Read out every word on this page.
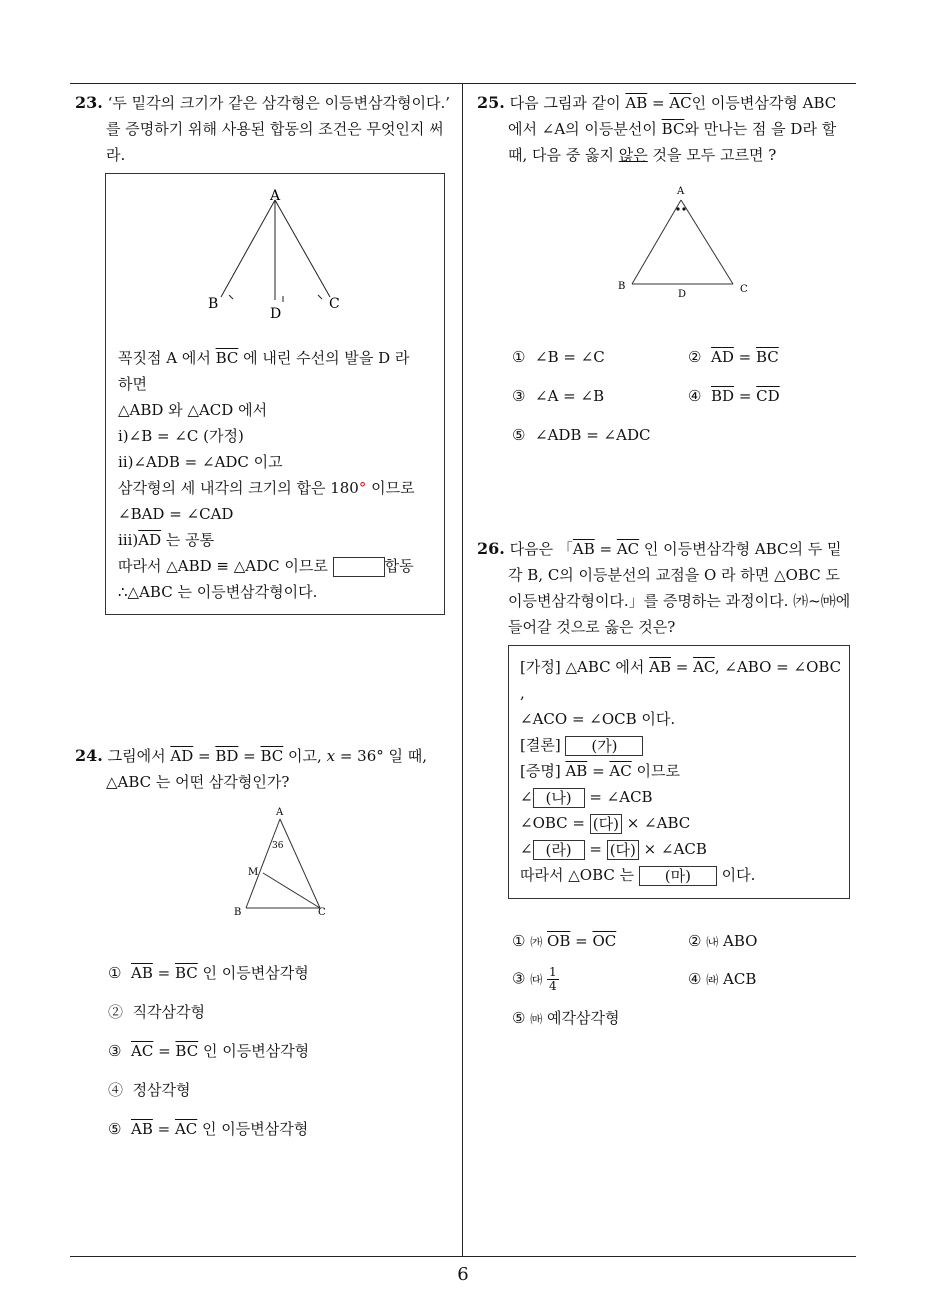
6
23. ‘두 밑각의 크기가 같은 삼각형은 이등변삼각형이다.’
를 증명하기 위해 사용된 합동의 조건은 무엇인지 써
라.
A
B	C
D
꼭짓점 A 에서 $\overline{BC}$ 에 내린 수선의 발을 D 라
하면
△ABD 와 △ACD 에서
ⅰ)∠B = ∠C (가정)
ⅱ)∠ADB = ∠ADC 이고
삼각형의 세 내각의 크기의 합은 180° 이므로
∠BAD = ∠CAD
$ⅲ)\overline{AD}$ 는 공통
따라서 △ABD ≡ △ADC 이므로	합동
∴△ABC 는 이등변삼각형이다.
24. 그림에서 $\overline{AD} = \overline{BD} = \overline{BC}$ 이고, x = 36° 일 때,
△ABC 는 어떤 삼각형인가?
A
36
M
B	C
① $\overline{AB} = \overline{BC}$ 인 이등변삼각형
② 직각삼각형
③ $\overline{AC} = \overline{BC}$ 인 이등변삼각형
④ 정삼각형
⑤ $\overline{AB} = \overline{AC}$ 인 이등변삼각형
25. 다음 그림과 같이 $\overline{AB} = \overline{AC}$인 이등변삼각형 ABC
에서 ∠A의 이등분선이 $\overline{BC}$와 만나는 점 을 D라 할
때, 다음 중 옳지 않은 것을 모두 고르면 ?
A
B	C
D
① ∠B = ∠C	② $\overline{AD} = \overline{BC}$
③ ∠A = ∠B	④ $\overline{BD} = \overline{CD}$
⑤ ∠ADB = ∠ADC
26. 다음은 「$\overline{AB} = \overline{AC}$ 인 이등변삼각형 ABC의 두 밑
각 B, C의 이등분선의 교점을 O 라 하면 △OBC 도
이등변삼각형이다.」를 증명하는 과정이다. ㈎~㈒에
들어갈 것으로 옳은 것은?
[가정] △ABC 에서 $\overline{AB} = \overline{AC}$, ∠ABO = ∠OBC
,
∠ACO = ∠OCB 이다.
[결론] (가)
[증명] $\overline{AB} = \overline{AC}$ 이므로
∠ (나) = ∠ACB
∠OBC = (다) × ∠ABC
∠ (라) = (다) × ∠ACB
따라서 △OBC 는 (마) 이다.
① ㈎ $\overline{OB} = \overline{OC}$	② ㈏ ABO
③ ㈐ $\frac{1}{4}$	④ ㈑ ACB
⑤ ㈒ 예각삼각형
